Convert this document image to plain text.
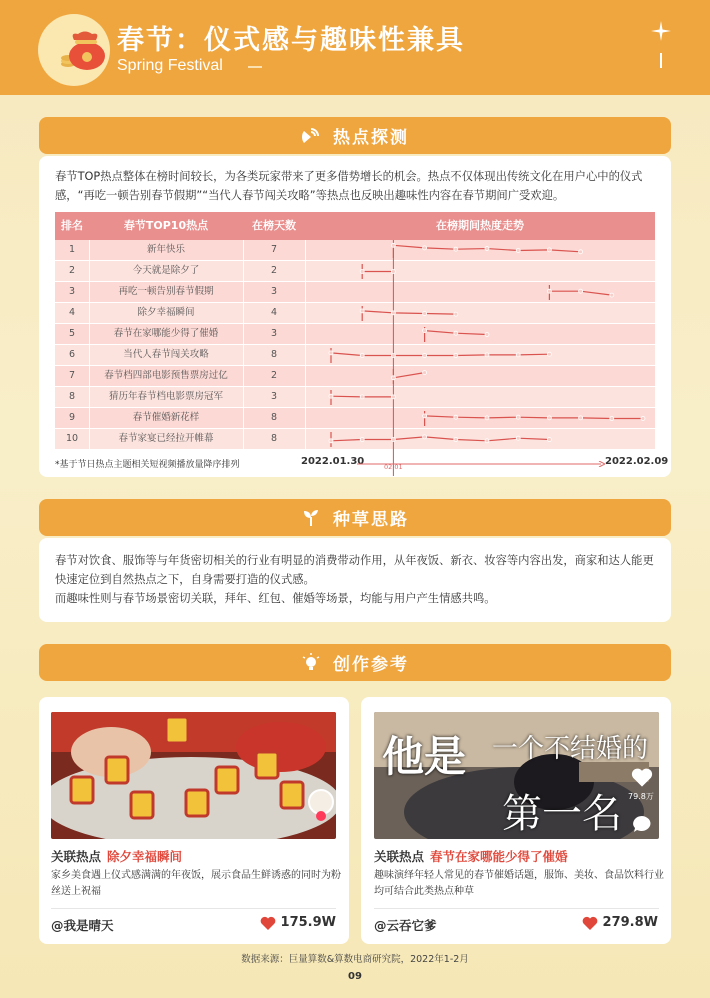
春节：仪式感与趣味性兼具
Spring Festival
热点探测
春节TOP热点整体在榜时间较长，为各类玩家带来了更多借势增长的机会。热点不仅体现出传统文化在用户心中的仪式感，“再吃一顿告别春节假期”“当代人春节闯关攻略”等热点也反映出趣味性内容在春节期间广受欢迎。
排名	春节TOP10热点	在榜天数	在榜期间热度走势
1	新年快乐	7
2	今天就是除夕了	2
3	再吃一顿告别春节假期	3
4	除夕幸福瞬间	4
5	春节在家哪能少得了催婚	3
6	当代人春节闯关攻略	8
7	春节档四部电影预售票房过亿	2
8	猜历年春节档电影票房冠军	3
9	春节催婚新花样	8
10	春节家宴已经拉开帷幕	8
*基于节日热点主题相关短视频播放量降序排列	2022.01.30	02.01	2022.02.09
种草思路
春节对饮食、服饰等与年货密切相关的行业有明显的消费带动作用，从年夜饭、新衣、妆容等内容出发，商家和达人能更快速定位到自然热点之下，自身需要打造的仪式感。
而趣味性则与春节场景密切关联，拜年、红包、催婚等场景，均能与用户产生情感共鸣。
创作参考
关联热点 除夕幸福瞬间
家乡美食遇上仪式感满满的年夜饭，展示食品生鲜诱惑的同时为粉丝送上祝福
@我是晴天	175.9W
他是 一个不结婚的
第一名 79.8万
关联热点 春节在家哪能少得了催婚
趣味演绎年轻人常见的春节催婚话题，服饰、美妆、食品饮料行业均可结合此类热点种草
@云吞它爹	279.8W
数据来源：巨量算数&算数电商研究院，2022年1-2月
09
